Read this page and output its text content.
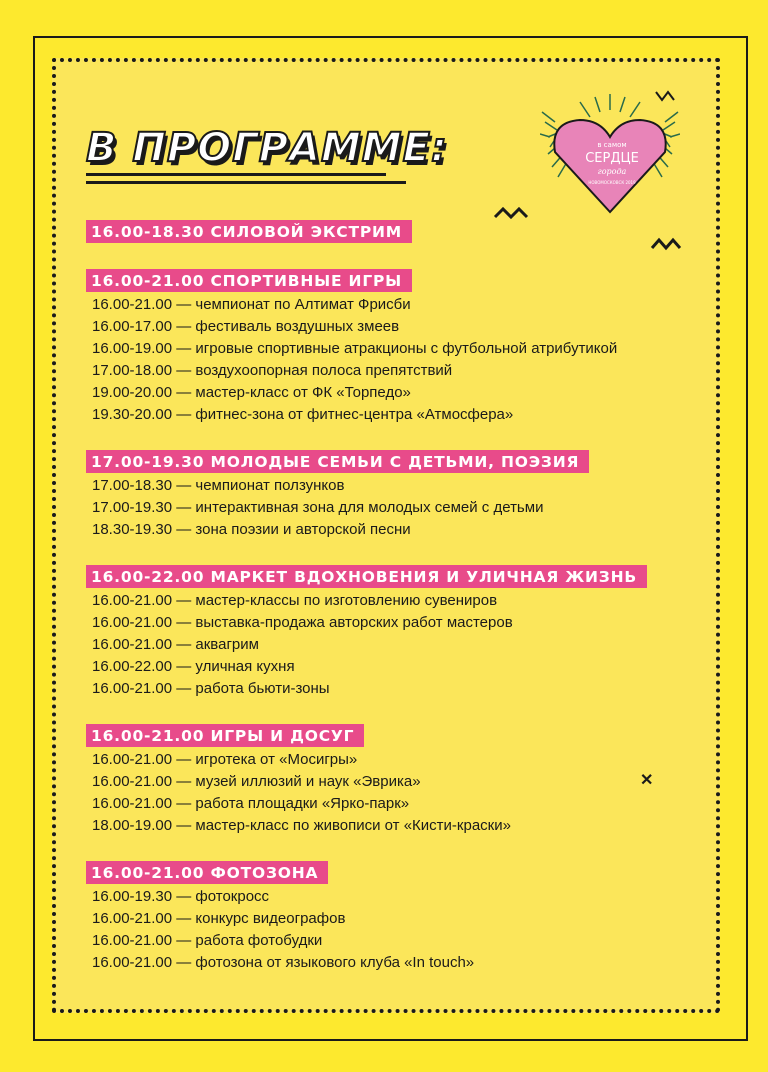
В ПРОГРАММЕ:	в самом
СЕРДЦЕ
города
НОВОМОСКОВСК 2019
✕
16.00-18.30 СИЛОВОЙ ЭКСТРИМ
16.00-21.00 СПОРТИВНЫЕ ИГРЫ
16.00-21.00 — чемпионат по Алтимат Фрисби
16.00-17.00 — фестиваль воздушных змеев
16.00-19.00 — игровые спортивные атракционы с футбольной атрибутикой
17.00-18.00 — воздухоопорная полоса препятствий
19.00-20.00 — мастер-класс от ФК «Торпедо»
19.30-20.00 — фитнес-зона от фитнес-центра «Атмосфера»
17.00-19.30 МОЛОДЫЕ СЕМЬИ С ДЕТЬМИ, ПОЭЗИЯ
17.00-18.30 — чемпионат ползунков
17.00-19.30 — интерактивная зона для молодых семей с детьми
18.30-19.30 — зона поэзии и авторской песни
16.00-22.00 МАРКЕТ ВДОХНОВЕНИЯ И УЛИЧНАЯ ЖИЗНЬ
16.00-21.00 — мастер-классы по изготовлению сувениров
16.00-21.00 — выставка-продажа авторских работ мастеров
16.00-21.00 — аквагрим
16.00-22.00 — уличная кухня
16.00-21.00 — работа бьюти-зоны
16.00-21.00 ИГРЫ И ДОСУГ
16.00-21.00 — игротека от «Мосигры»
16.00-21.00 — музей иллюзий и наук «Эврика»
16.00-21.00 — работа площадки «Ярко-парк»
18.00-19.00 — мастер-класс по живописи от «Кисти-краски»
16.00-21.00 ФОТОЗОНА
16.00-19.30 — фотокросс
16.00-21.00 — конкурс видеографов
16.00-21.00 — работа фотобудки
16.00-21.00 — фотозона от языкового клуба «In touch»
